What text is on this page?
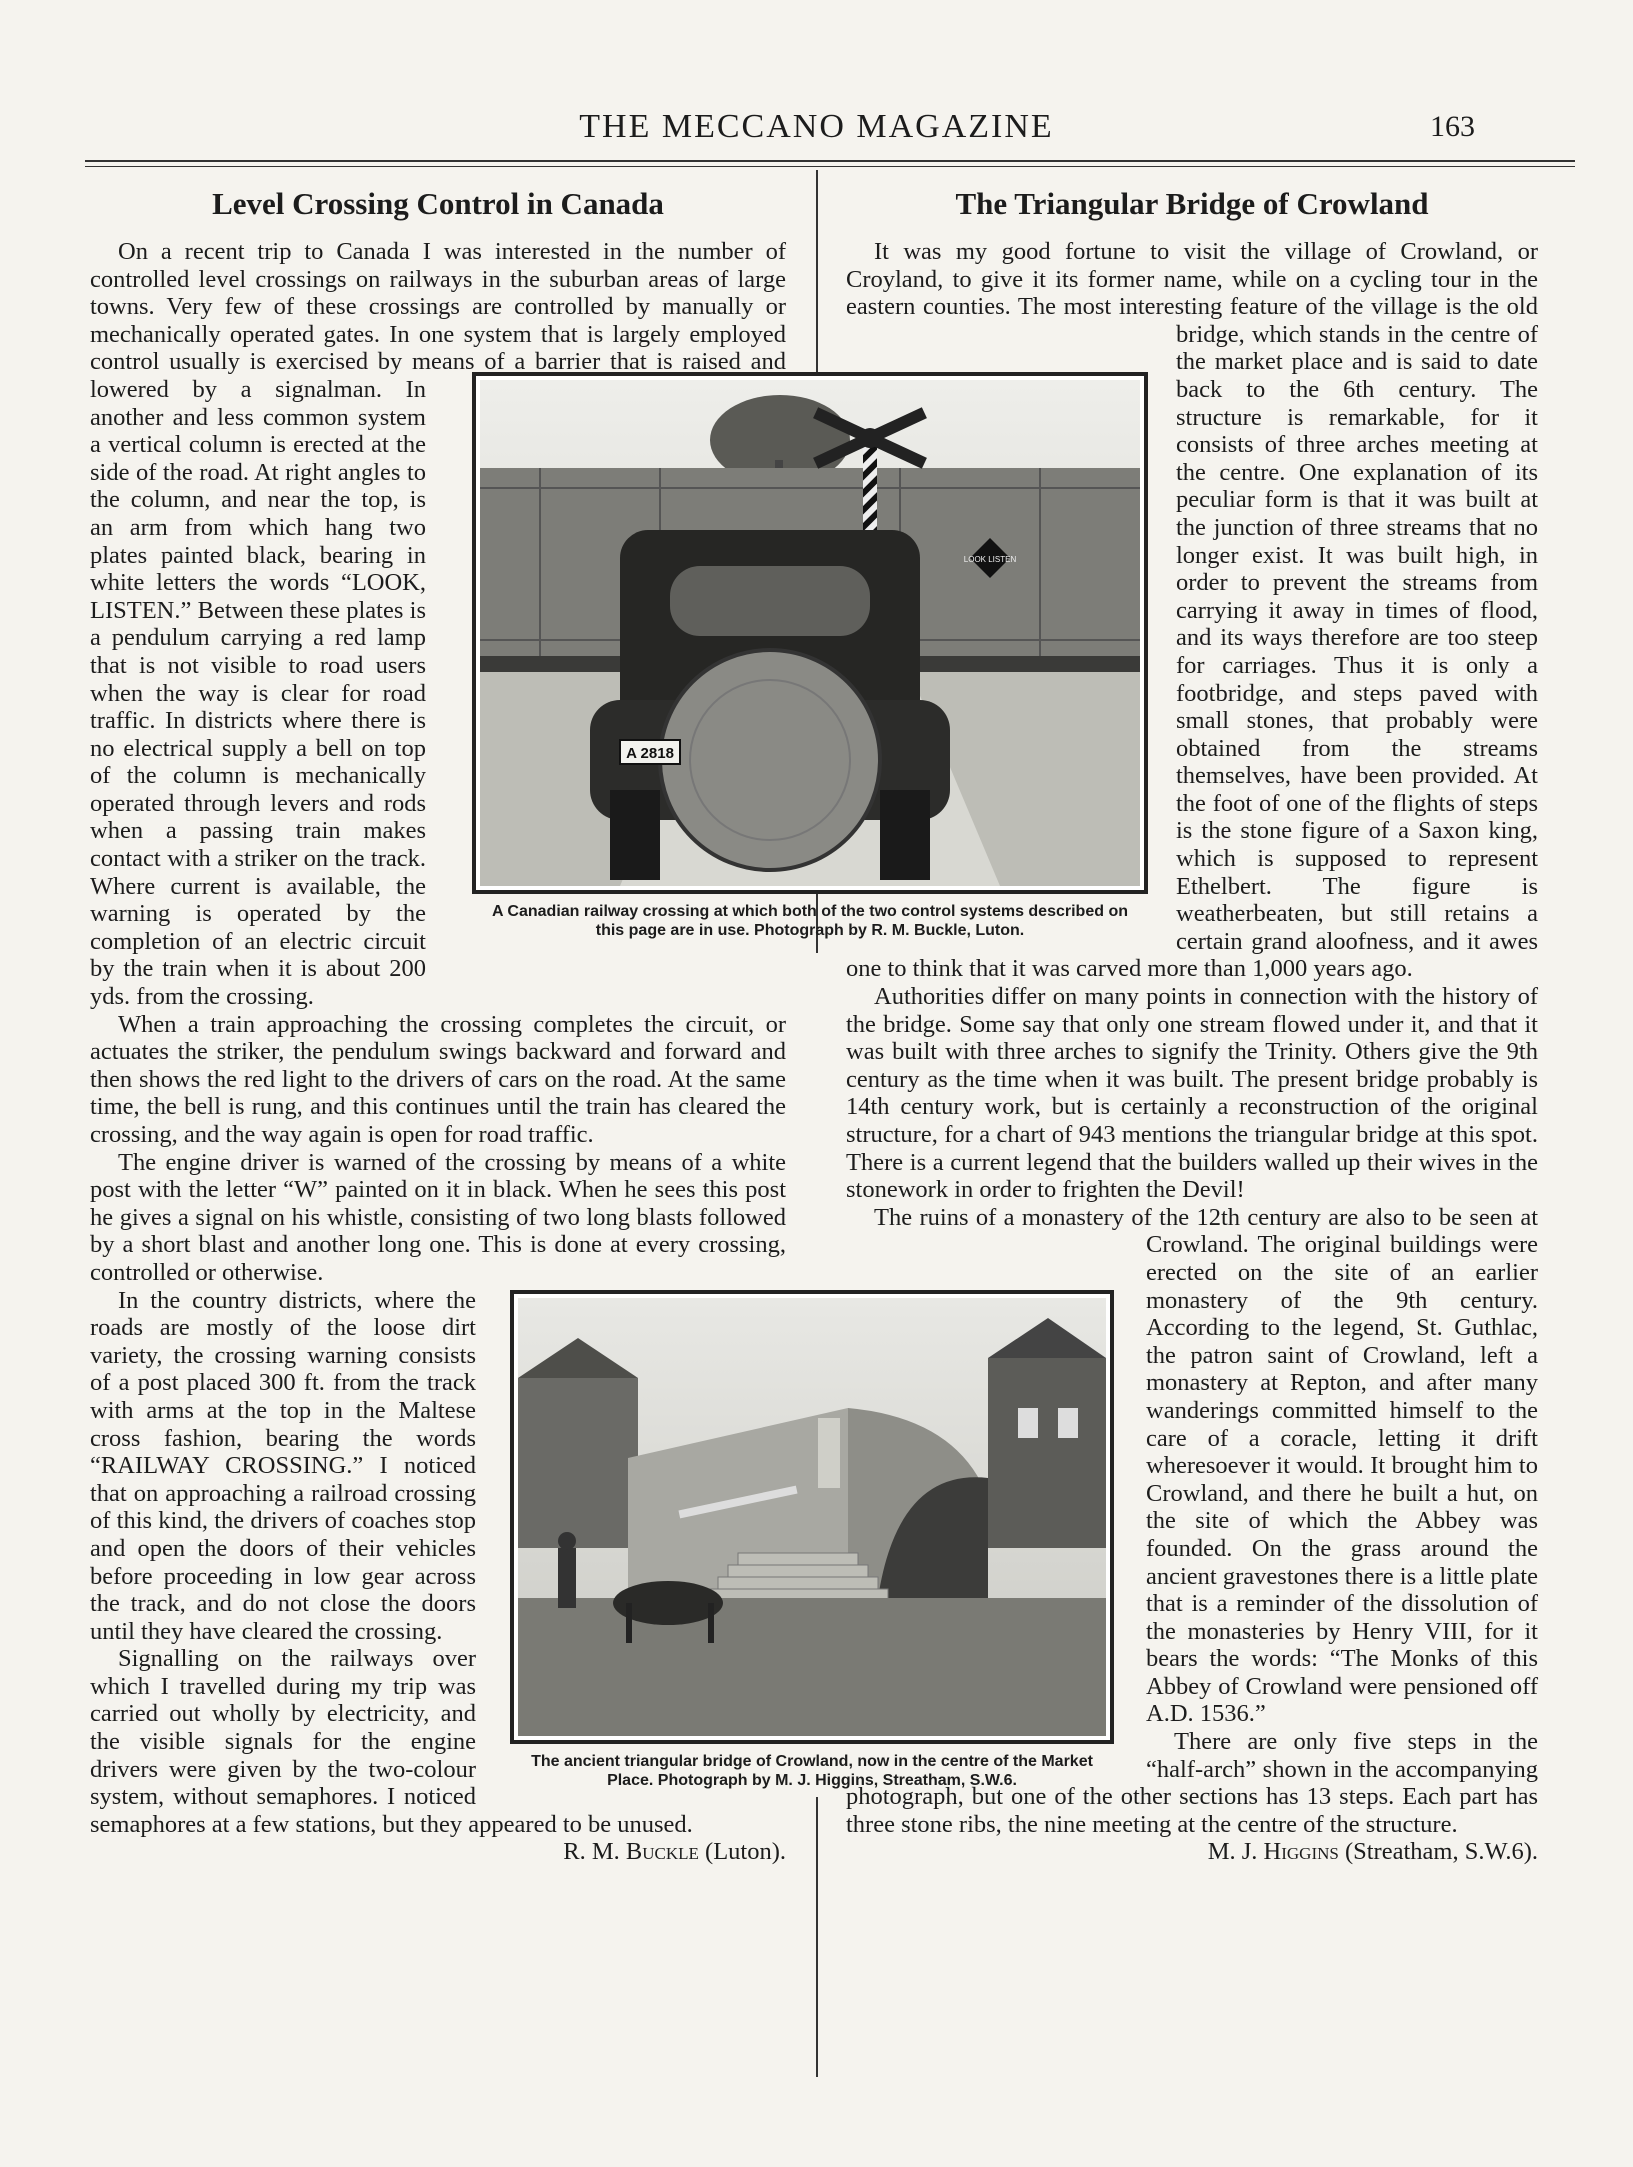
THE MECCANO MAGAZINE	163
A 2818
LOOK LISTEN
A Canadian railway crossing at which both of the two control systems described on this page are in use. Photograph by R. M. Buckle, Luton.
The ancient triangular bridge of Crowland, now in the centre of the Market Place. Photograph by M. J. Higgins, Streatham, S.W.6.
Level Crossing Control in Canada

On a recent trip to Canada I was interested in the number of controlled level crossings on railways in the suburban areas of large towns. Very few of these crossings are controlled by manually or mechanically operated gates. In one system that is largely employed control usually is exercised by means of a barrier that is raised and lowered by a signalman. In another and less common system a vertical column is erected at the side of the road. At right angles to the column, and near the top, is an arm from which hang two plates painted black, bearing in white letters the words “LOOK, LISTEN.” Between these plates is a pendulum carrying a red lamp that is not visible to road users when the way is clear for road traffic. In districts where there is no electrical supply a bell on top of the column is mechanically operated through levers and rods when a passing train makes contact with a striker on the track. Where current is available, the warning is operated by the completion of an electric circuit by the train when it is about 200 yds. from the crossing.

When a train approaching the crossing completes the circuit, or actuates the striker, the pendulum swings backward and forward and then shows the red light to the drivers of cars on the road. At the same time, the bell is rung, and this continues until the train has cleared the crossing, and the way again is open for road traffic.

The engine driver is warned of the crossing by means of a white post with the letter “W” painted on it in black. When he sees this post he gives a signal on his whistle, consisting of two long blasts followed by a short blast and another long one. This is done at every crossing, controlled or otherwise.

In the country districts, where the roads are mostly of the loose dirt variety, the crossing warning consists of a post placed 300 ft. from the track with arms at the top in the Maltese cross fashion, bearing the words “RAILWAY CROSSING.” I noticed that on approaching a railroad crossing of this kind, the drivers of coaches stop and open the doors of their vehicles before proceeding in low gear across the track, and do not close the doors until they have cleared the crossing.

Signalling on the railways over which I travelled during my trip was carried out wholly by electricity, and the visible signals for the engine drivers were given by the two-colour system, without semaphores. I noticed semaphores at a few stations, but they appeared to be unused.

R. M. Buckle (Luton).

The Triangular Bridge of Crowland

It was my good fortune to visit the village of Crowland, or Croyland, to give it its former name, while on a cycling tour in the eastern counties. The most interesting feature of the village is the old bridge, which stands in the centre of the market place and is said to date back to the 6th century. The structure is remarkable, for it consists of three arches meeting at the centre. One explanation of its peculiar form is that it was built at the junction of three streams that no longer exist. It was built high, in order to prevent the streams from carrying it away in times of flood, and its ways therefore are too steep for carriages. Thus it is only a footbridge, and steps paved with small stones, that probably were obtained from the streams themselves, have been provided. At the foot of one of the flights of steps is the stone figure of a Saxon king, which is supposed to represent Ethelbert. The figure is weatherbeaten, but still retains a certain grand aloofness, and it awes one to think that it was carved more than 1,000 years ago.

Authorities differ on many points in connection with the history of the bridge. Some say that only one stream flowed under it, and that it was built with three arches to signify the Trinity. Others give the 9th century as the time when it was built. The present bridge probably is 14th century work, but is certainly a reconstruction of the original structure, for a chart of 943 mentions the triangular bridge at this spot. There is a current legend that the builders walled up their wives in the stonework in order to frighten the Devil!

The ruins of a monastery of the 12th century are also to be seen at Crowland. The original buildings were erected on the site of an earlier monastery of the 9th century. According to the legend, St. Guthlac, the patron saint of Crowland, left a monastery at Repton, and after many wanderings committed himself to the care of a coracle, letting it drift wheresoever it would. It brought him to Crowland, and there he built a hut, on the site of which the Abbey was founded. On the grass around the ancient gravestones there is a little plate that is a reminder of the dissolution of the monasteries by Henry VIII, for it bears the words: “The Monks of this Abbey of Crowland were pensioned off A.D. 1536.”

There are only five steps in the “half-arch” shown in the accompanying photograph, but one of the other sections has 13 steps. Each part has three stone ribs, the nine meeting at the centre of the structure.

M. J. Higgins (Streatham, S.W.6).
